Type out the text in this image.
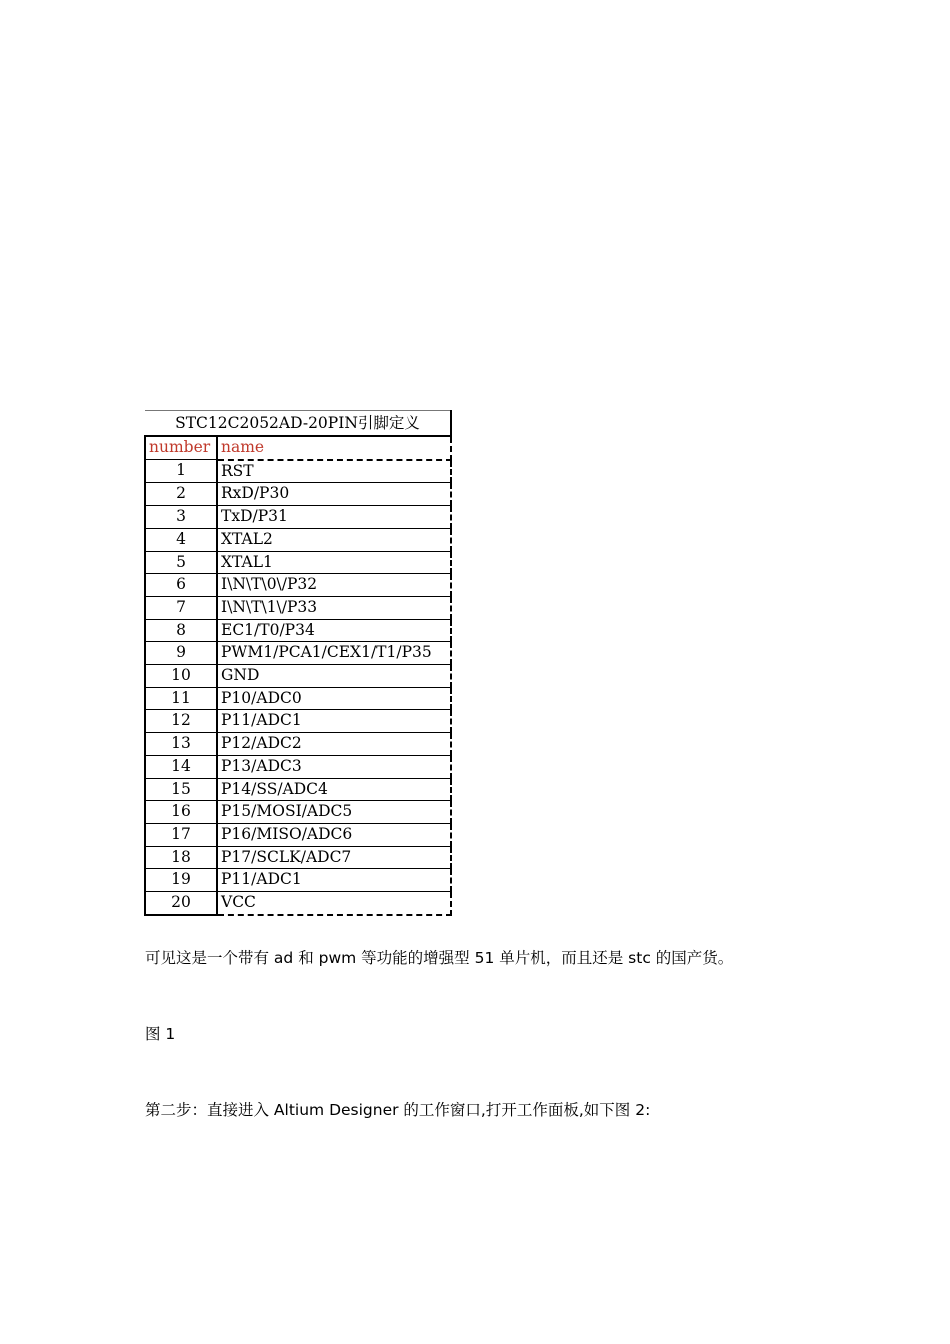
STC12C2052AD-20PIN引脚定义	
number	name
1	RST
2	RxD/P30
3	TxD/P31
4	XTAL2
5	XTAL1
6	I\N\T\0\/P32
7	I\N\T\1\/P33
8	EC1/T0/P34
9	PWM1/PCA1/CEX1/T1/P35
10	GND
11	P10/ADC0
12	P11/ADC1
13	P12/ADC2
14	P13/ADC3
15	P14/SS/ADC4
16	P15/MOSI/ADC5
17	P16/MISO/ADC6
18	P17/SCLK/ADC7
19	P11/ADC1
20	VCC
可见这是一个带有 ad 和 pwm 等功能的增强型 51 单片机，而且还是 stc 的国产货。
图 1
第二步：直接进入 Altium Designer 的工作窗口,打开工作面板,如下图 2:
